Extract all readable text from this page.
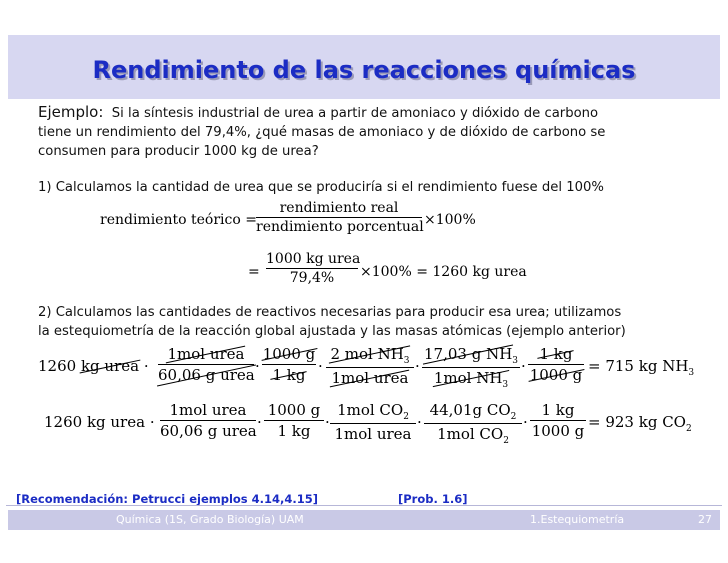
Rendimiento de las reacciones químicas
Ejemplo: Si la síntesis industrial de urea a partir de amoniaco y dióxido de carbono
tiene un rendimiento del 79,4%, ¿qué masas de amoniaco y de dióxido de carbono se
consumen para producir 1000 kg de urea?
1) Calculamos la cantidad de urea que se produciría si el rendimiento fuese del 100%
rendimiento teórico =
rendimiento real
rendimiento porcentual ×100%
=
1000 kg urea
79,4%	×100% = 1260 kg urea
2) Calculamos las cantidades de reactivos necesarias para producir esa urea; utilizamos
la estequiometría de la reacción global ajustada y las masas atómicas (ejemplo anterior)
1260 kg urea ·
1mol urea
60,06 g urea ·
1000 g
1 kg ·
2 mol $NH_3$
1mol urea
·
17,03 g $NH_3$
1mol $NH_3$
·
1 kg
1000 g = 715 kg $NH_3$
1260 kg urea ·
1mol urea
60,06 g urea ·
1000 g
1 kg ·
1mol $CO_2$
1mol urea
·
44,01g $CO_2$
1mol $CO_2$
·
1 kg
1000 g = 923 kg $CO_2$
[Recomendación: Petrucci ejemplos 4.14,4.15]	[Prob. 1.6]
Química (1S, Grado Biología) UAM	1.Estequiometría	27
